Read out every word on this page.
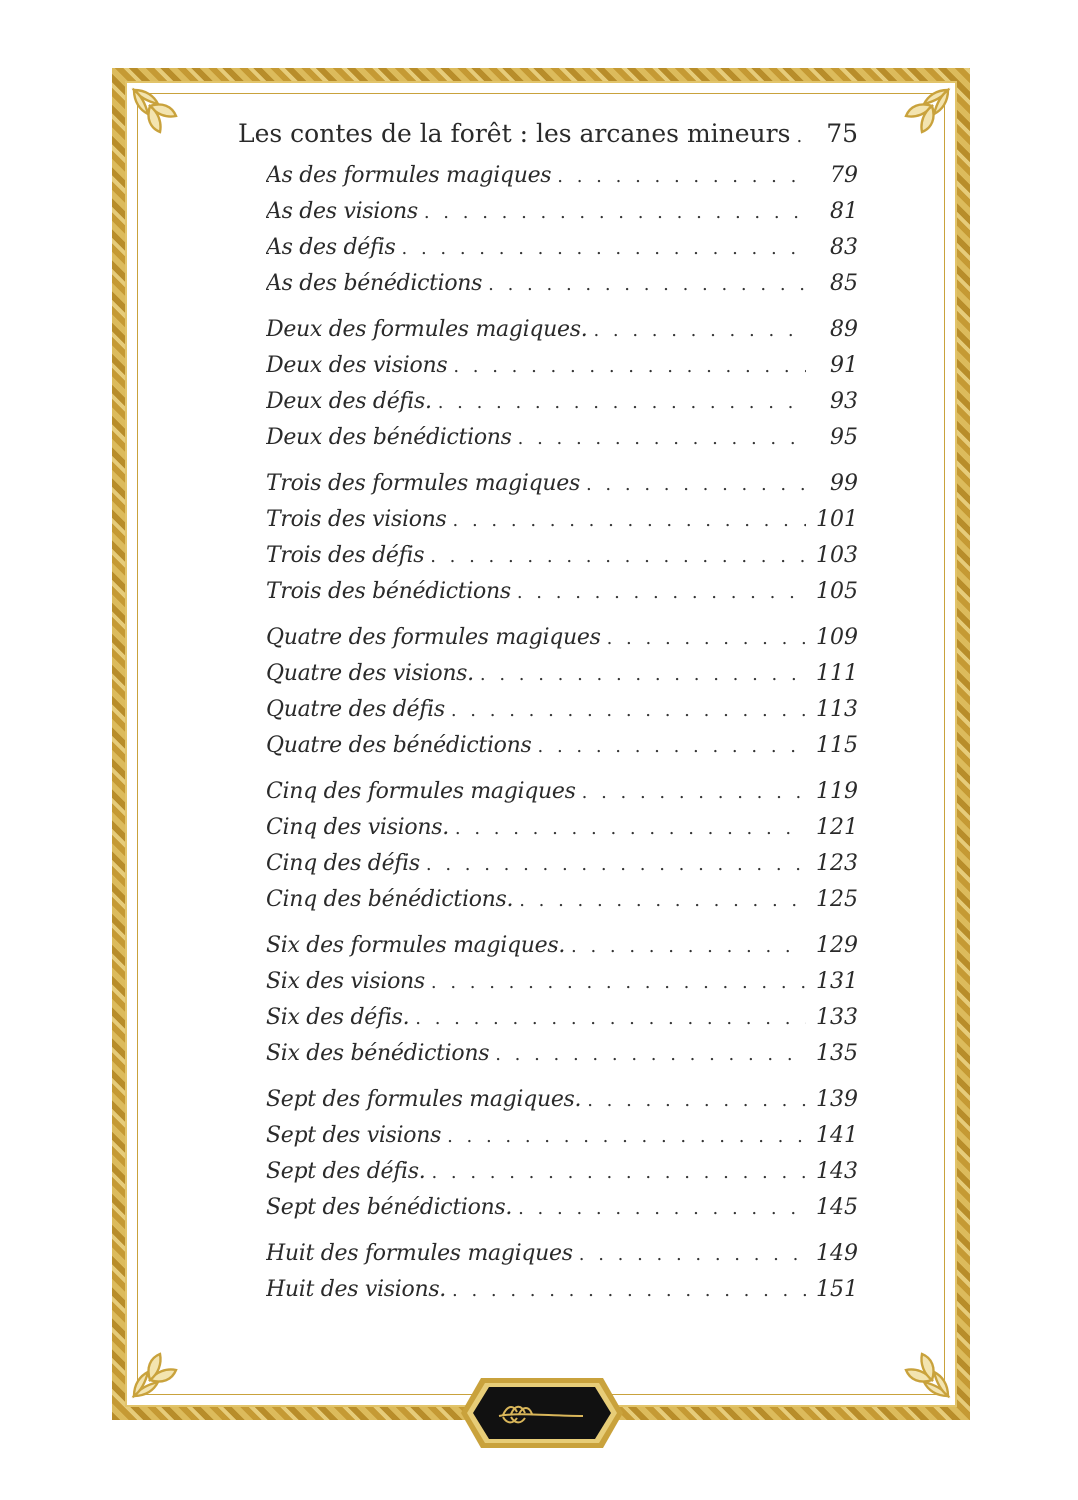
Les contes de la forêt : les arcanes mineurs . . .	75
As des formules magiques . . .	79
As des visions . . .	81
As des défis . . .	83
As des bénédictions . . .	85
Deux des formules magiques. . . .	89
Deux des visions . . .	91
Deux des défis. . . .	93
Deux des bénédictions . . .	95
Trois des formules magiques . . .	99
Trois des visions . . .	101
Trois des défis . . .	103
Trois des bénédictions . . .	105
Quatre des formules magiques . . .	109
Quatre des visions. . . .	111
Quatre des défis . . .	113
Quatre des bénédictions . . .	115
Cinq des formules magiques . . .	119
Cinq des visions. . . .	121
Cinq des défis . . .	123
Cinq des bénédictions. . . .	125
Six des formules magiques. . . .	129
Six des visions . . .	131
Six des défis. . . .	133
Six des bénédictions . . .	135
Sept des formules magiques. . . .	139
Sept des visions . . .	141
Sept des défis. . . .	143
Sept des bénédictions. . . .	145
Huit des formules magiques . . .	149
Huit des visions. . . .	151
